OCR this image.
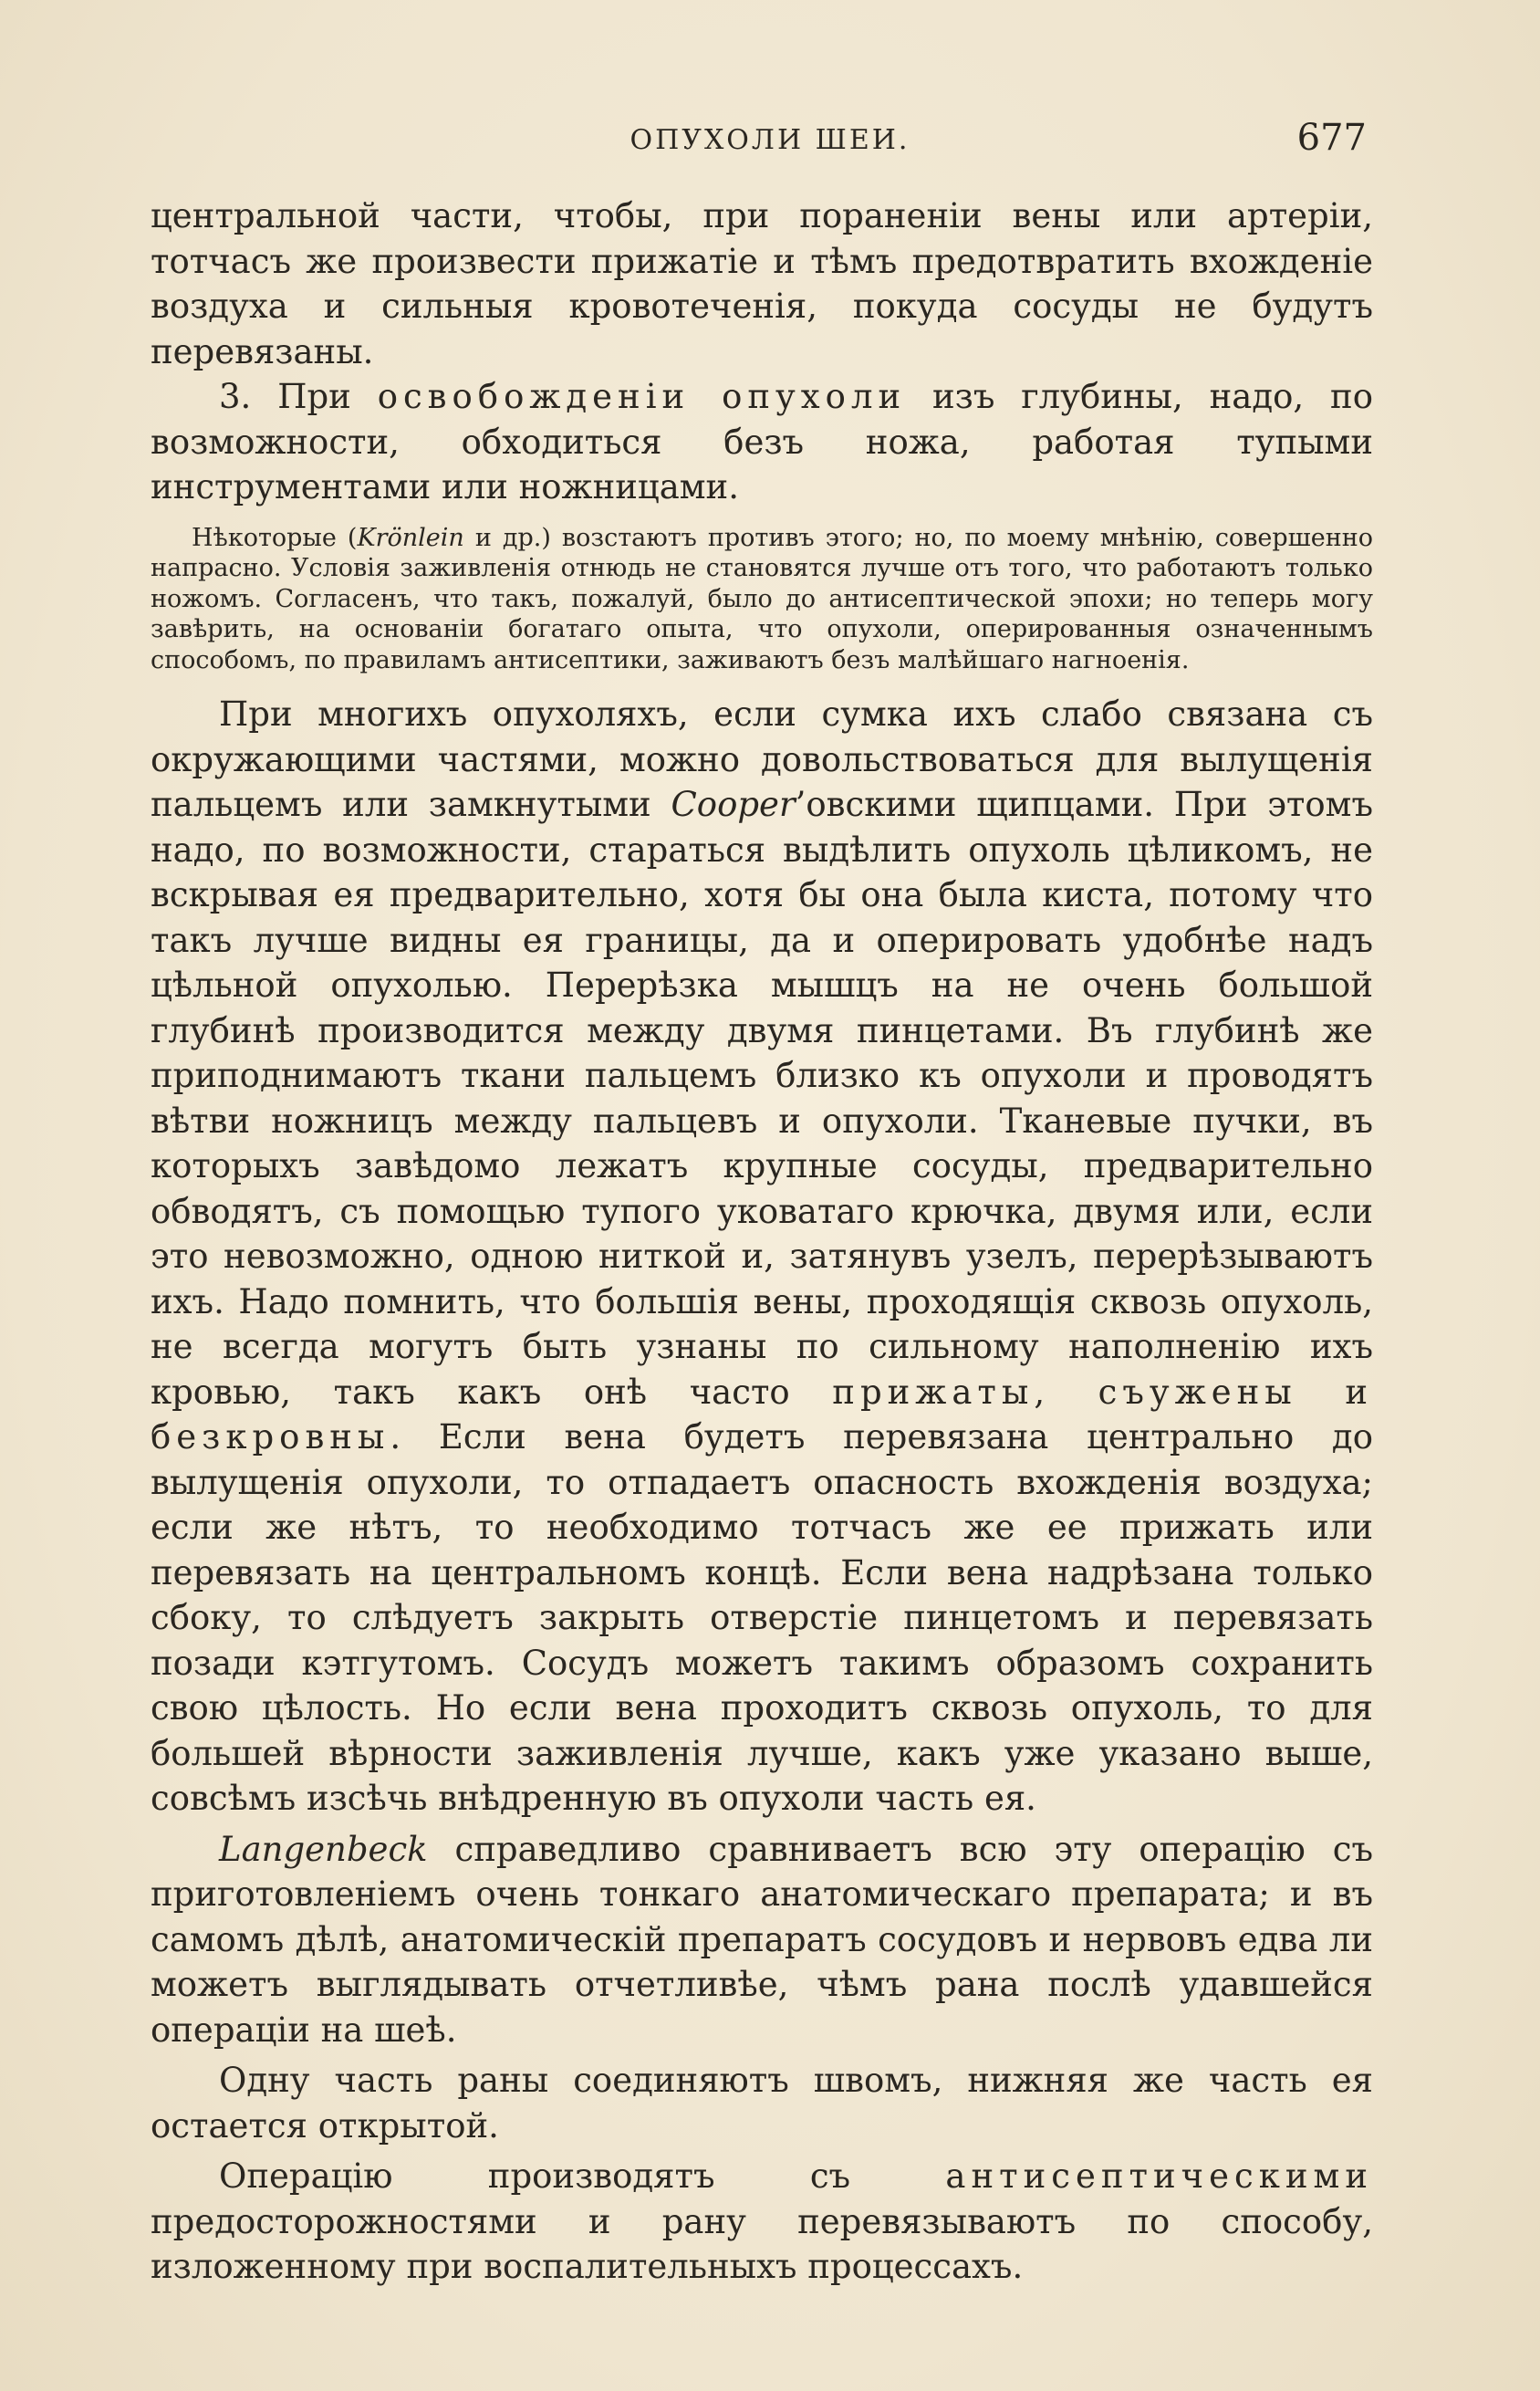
ОПУХОЛИ ШЕИ.	677

центральной части, чтобы, при пораненіи вены или артеріи, тотчасъ же произвести прижатіе и тѣмъ предотвратить вхожденіе воздуха и сильныя кровотеченія, покуда сосуды не будутъ перевязаны.

3. При освобожденіи опухоли изъ глубины, надо, по возможности, обходиться безъ ножа, работая тупыми инструментами или ножницами.

Нѣкоторые (Krönlein и др.) возстаютъ противъ этого; но, по моему мнѣнію, совершенно напрасно. Условія заживленія отнюдь не становятся лучше отъ того, что работаютъ только ножомъ. Согласенъ, что такъ, пожалуй, было до антисептической эпохи; но теперь могу завѣрить, на основаніи богатаго опыта, что опухоли, оперированныя означеннымъ способомъ, по правиламъ антисептики, заживаютъ безъ малѣйшаго нагноенія.

При многихъ опухоляхъ, если сумка ихъ слабо связана съ окружающими частями, можно довольствоваться для вылущенія пальцемъ или замкнутыми Cooper’овскими щипцами. При этомъ надо, по возможности, стараться выдѣлить опухоль цѣликомъ, не вскрывая ея предварительно, хотя бы она была киста, потому что такъ лучше видны ея границы, да и оперировать удобнѣе надъ цѣльной опухолью. Перерѣзка мышцъ на не очень большой глубинѣ производится между двумя пинцетами. Въ глубинѣ же приподнимаютъ ткани пальцемъ близко къ опухоли и проводятъ вѣтви ножницъ между пальцевъ и опухоли. Тканевые пучки, въ которыхъ завѣдомо лежатъ крупные сосуды, предварительно обводятъ, съ помощью тупого уковатаго крючка, двумя или, если это невозможно, одною ниткой и, затянувъ узелъ, перерѣзываютъ ихъ. Надо помнить, что большія вены, проходящія сквозь опухоль, не всегда могутъ быть узнаны по сильному наполненію ихъ кровью, такъ какъ онѣ часто прижаты, съужены и безкровны. Если вена будетъ перевязана центрально до вылущенія опухоли, то отпадаетъ опасность вхожденія воздуха; если же нѣтъ, то необходимо тотчасъ же ее прижать или перевязать на центральномъ концѣ. Если вена надрѣзана только сбоку, то слѣдуетъ закрыть отверстіе пинцетомъ и перевязать позади кэтгутомъ. Сосудъ можетъ такимъ образомъ сохранить свою цѣлость. Но если вена проходитъ сквозь опухоль, то для большей вѣрности заживленія лучше, какъ уже указано выше, совсѣмъ изсѣчь внѣдренную въ опухоли часть ея.

Langenbeck справедливо сравниваетъ всю эту операцію съ приготовленіемъ очень тонкаго анатомическаго препарата; и въ самомъ дѣлѣ, анатомическій препаратъ сосудовъ и нервовъ едва ли можетъ выглядывать отчетливѣе, чѣмъ рана послѣ удавшейся операціи на шеѣ.

Одну часть раны соединяютъ швомъ, нижняя же часть ея остается открытой.

Операцію производятъ съ антисептическими предосторожностями и рану перевязываютъ по способу, изложенному при воспалительныхъ процессахъ.
